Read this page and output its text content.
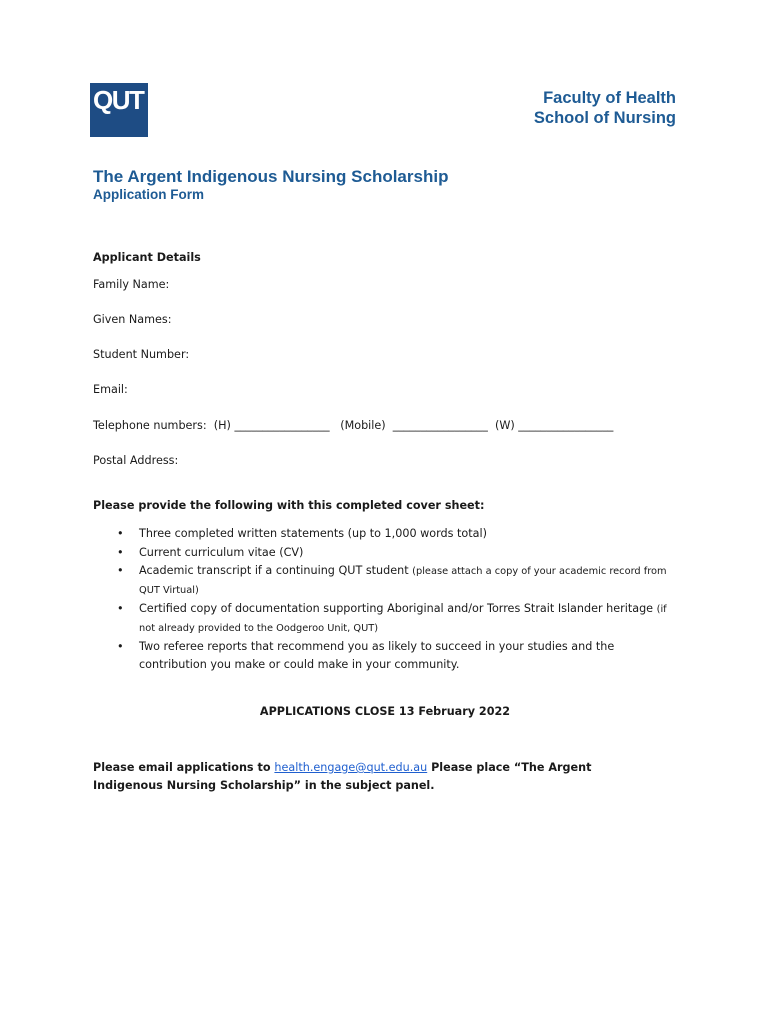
QUT	Faculty of Health
School of Nursing
The Argent Indigenous Nursing Scholarship
Application Form
Applicant Details
Family Name:
Given Names:
Student Number:
Email:
Telephone numbers:  (H) _________________   (Mobile)  _________________  (W) _________________
Postal Address:
Please provide the following with this completed cover sheet:
• Three completed written statements (up to 1,000 words total)
• Current curriculum vitae (CV)
• Academic transcript if a continuing QUT student (please attach a copy of your academic record from QUT Virtual)
• Certified copy of documentation supporting Aboriginal and/or Torres Strait Islander heritage (if not already provided to the Oodgeroo Unit, QUT)
• Two referee reports that recommend you as likely to succeed in your studies and the contribution you make or could make in your community.
APPLICATIONS CLOSE 13 February 2022
Please email applications to health.engage@qut.edu.au Please place “The Argent Indigenous Nursing Scholarship” in the subject panel.
